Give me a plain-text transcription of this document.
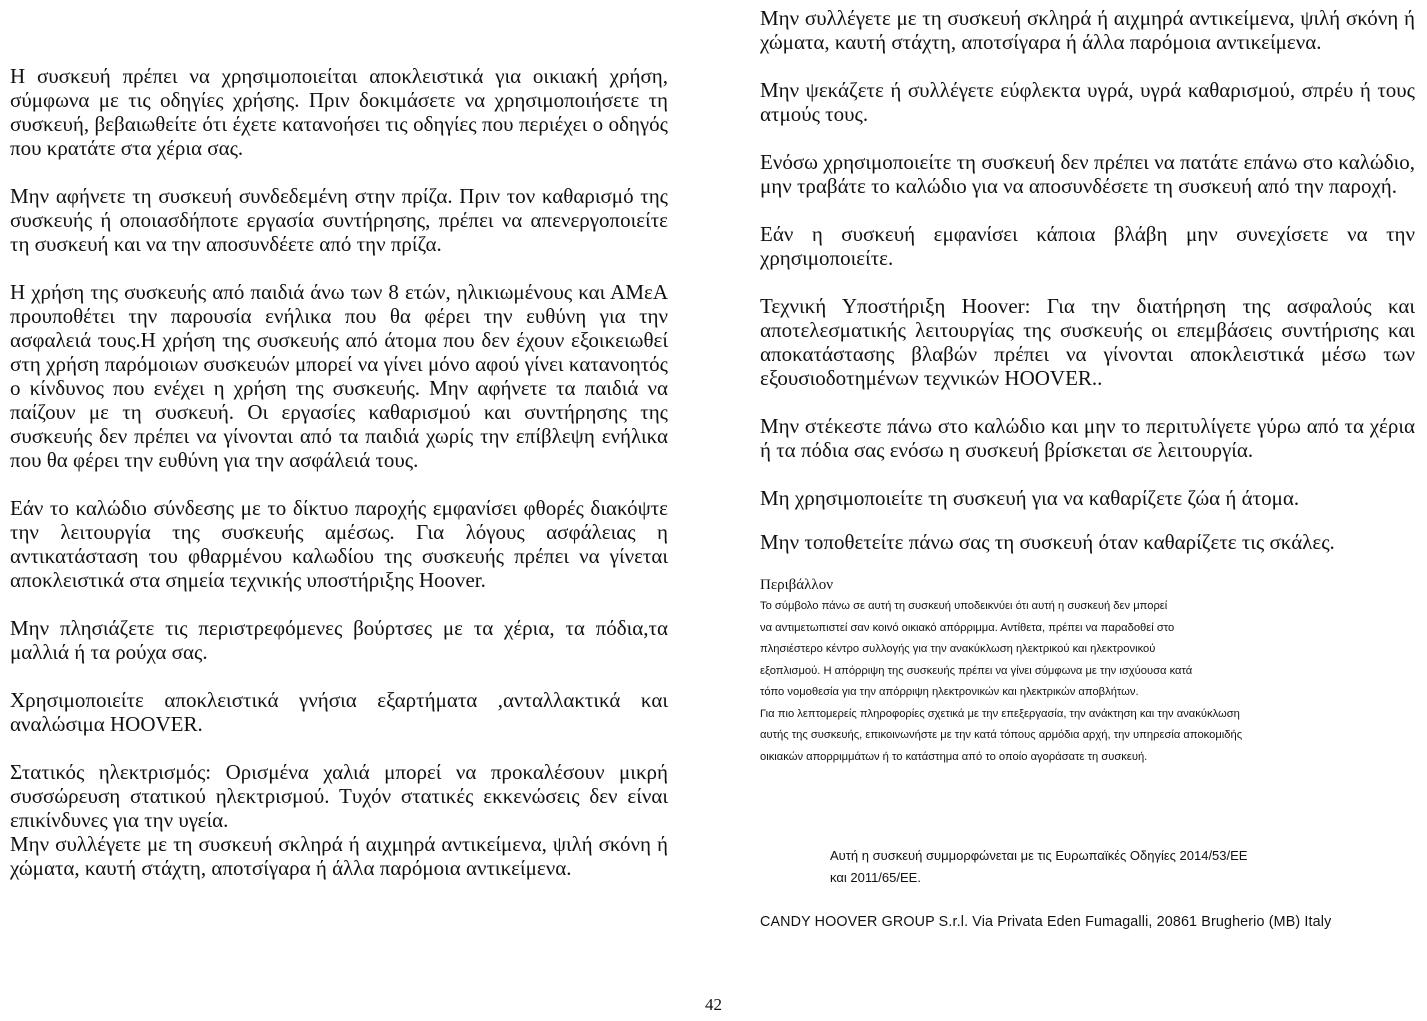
Η συσκευή πρέπει να χρησιμοποιείται αποκλειστικά για οικιακή χρήση, σύμφωνα με τις οδηγίες χρήσης. Πριν δοκιμάσετε να χρησιμοποιήσετε τη συσκευή, βεβαιωθείτε ότι έχετε κατανοήσει τις οδηγίες που περιέχει ο οδηγός που κρατάτε στα χέρια σας.

Μην αφήνετε τη συσκευή συνδεδεμένη στην πρίζα. Πριν τον καθαρισμό της συσκευής ή οποιασδήποτε εργασία συντήρησης, πρέπει να απενεργοποιείτε τη συσκευή και να την αποσυνδέετε από την πρίζα.

Η χρήση της συσκευής από παιδιά άνω των 8 ετών, ηλικιωμένους και ΑΜεΑ προυποθέτει την παρουσία ενήλικα που θα φέρει την ευθύνη για την ασφαλειά τους.Η χρήση της συσκευής από άτομα που δεν έχουν εξοικειωθεί στη χρήση παρόμοιων συσκευών μπορεί να γίνει μόνο αφού γίνει κατανοητός ο κίνδυνος που ενέχει η χρήση της συσκευής. Μην αφήνετε τα παιδιά να παίζουν με τη συσκευή. Οι εργασίες καθαρισμού και συντήρησης της συσκευής δεν πρέπει να γίνονται από τα παιδιά χωρίς την επίβλεψη ενήλικα που θα φέρει την ευθύνη για την ασφάλειά τους.

Εάν το καλώδιο σύνδεσης με το δίκτυο παροχής εμφανίσει φθορές διακόψτε την λειτουργία της συσκευής αμέσως. Για λόγους ασφάλειας η αντικατάσταση του φθαρμένου καλωδίου της συσκευής πρέπει να γίνεται αποκλειστικά στα σημεία τεχνικής υποστήριξης Hoover.

Μην πλησιάζετε τις περιστρεφόμενες βούρτσες με τα χέρια, τα πόδια,τα μαλλιά ή τα ρούχα σας.

Χρησιμοποιείτε αποκλειστικά γνήσια εξαρτήματα ,ανταλλακτικά και αναλώσιμα HOOVER.

Στατικός ηλεκτρισμός: Ορισμένα χαλιά μπορεί να προκαλέσουν μικρή συσσώρευση στατικού ηλεκτρισμού. Τυχόν στατικές εκκενώσεις δεν είναι επικίνδυνες για την υγεία.

Μην συλλέγετε με τη συσκευή σκληρά ή αιχμηρά αντικείμενα, ψιλή σκόνη ή χώματα, καυτή στάχτη, αποτσίγαρα ή άλλα παρόμοια αντικείμενα.

Μην συλλέγετε με τη συσκευή σκληρά ή αιχμηρά αντικείμενα, ψιλή σκόνη ή χώματα, καυτή στάχτη, αποτσίγαρα ή άλλα παρόμοια αντικείμενα.

Μην ψεκάζετε ή συλλέγετε εύφλεκτα υγρά, υγρά καθαρισμού, σπρέυ ή τους ατμούς τους.

Ενόσω χρησιμοποιείτε τη συσκευή δεν πρέπει να πατάτε επάνω στο καλώδιο, μην τραβάτε το καλώδιο για να αποσυνδέσετε τη συσκευή από την παροχή.

Εάν η συσκευή εμφανίσει κάποια βλάβη μην συνεχίσετε να την χρησιμοποιείτε.

Τεχνική Υποστήριξη Hoover: Για την διατήρηση της ασφαλούς και αποτελεσματικής λειτουργίας της συσκευής οι επεμβάσεις συντήρισης και αποκατάστασης βλαβών πρέπει να γίνονται αποκλειστικά μέσω των εξουσιοδοτημένων τεχνικών HOOVER..

Μην στέκεστε πάνω στο καλώδιο και μην το περιτυλίγετε γύρω από τα χέρια ή τα πόδια σας ενόσω η συσκευή βρίσκεται σε λειτουργία.

Μη χρησιμοποιείτε τη συσκευή για να καθαρίζετε ζώα ή άτομα.

Μην τοποθετείτε πάνω σας τη συσκευή όταν καθαρίζετε τις σκάλες.

Περιβάλλον

Το σύμβολο πάνω σε αυτή τη συσκευή υποδεικνύει ότι αυτή η συσκευή δεν μπορεί
να αντιμετωπιστεί σαν κοινό οικιακό απόρριμμα. Αντίθετα, πρέπει να παραδοθεί στο
πλησιέστερο κέντρο συλλογής για την ανακύκλωση ηλεκτρικού και ηλεκτρονικού
εξοπλισμού. Η απόρριψη της συσκευής πρέπει να γίνει σύμφωνα με την ισχύουσα κατά
τόπο νομοθεσία για την απόρριψη ηλεκτρονικών και ηλεκτρικών αποβλήτων.
Για πιο λεπτομερείς πληροφορίες σχετικά με την επεξεργασία, την ανάκτηση και την ανακύκλωση
αυτής της συσκευής, επικοινωνήστε με την κατά τόπους αρμόδια αρχή, την υπηρεσία αποκομιδής
οικιακών απορριμμάτων ή το κατάστημα από το οποίο αγοράσατε τη συσκευή.

Αυτή η συσκευή συμμορφώνεται με τις Ευρωπαϊκές Οδηγίες 2014/53/ΕΕ
και 2011/65/ΕΕ.
CANDY HOOVER GROUP S.r.l. Via Privata Eden Fumagalli, 20861 Brugherio (MB) Italy
42
